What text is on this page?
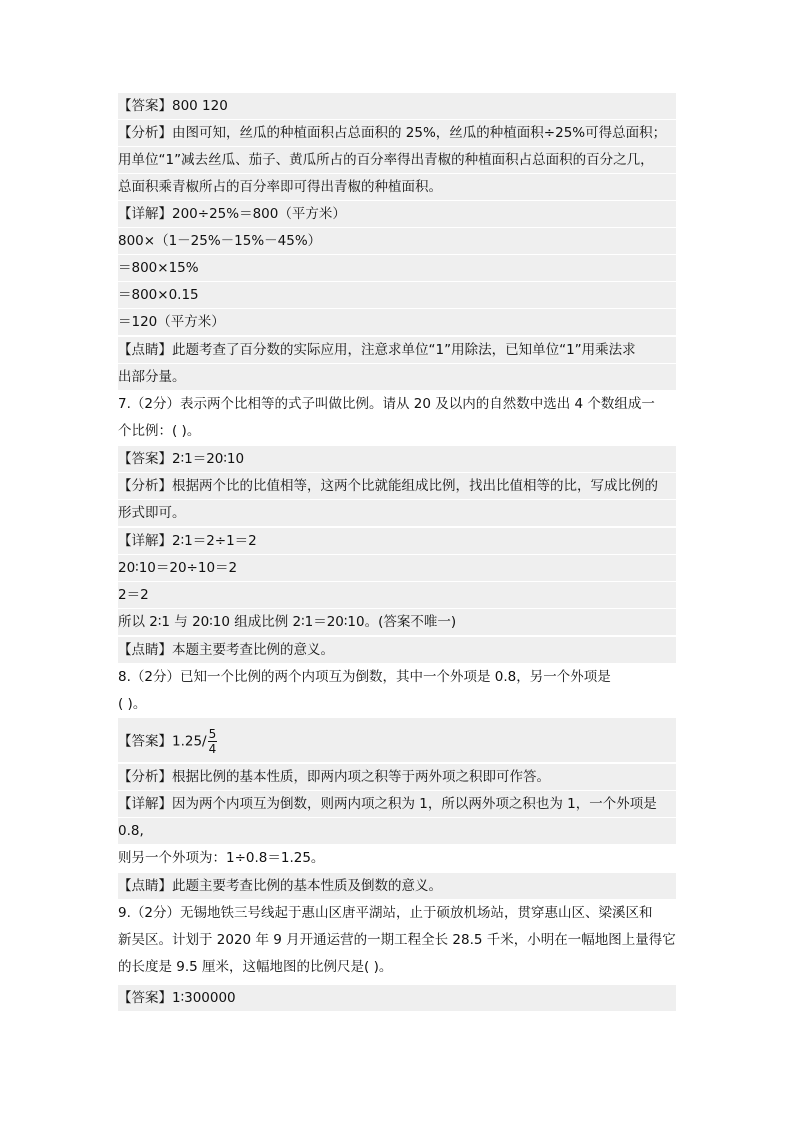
【答案】800 120
【分析】由图可知，丝瓜的种植面积占总面积的 25%，丝瓜的种植面积÷25%可得总面积；
用单位“1”减去丝瓜、茄子、黄瓜所占的百分率得出青椒的种植面积占总面积的百分之几，
总面积乘青椒所占的百分率即可得出青椒的种植面积。
【详解】200÷25%＝800（平方米）
800×（1－25%－15%－45%）
＝800×15%
＝800×0.15
＝120（平方米）
【点睛】此题考查了百分数的实际应用，注意求单位“1”用除法，已知单位“1”用乘法求
出部分量。
7.（2分）表示两个比相等的式子叫做比例。请从 20 及以内的自然数中选出 4 个数组成一
个比例：( )。
【答案】2∶1＝20∶10
【分析】根据两个比的比值相等，这两个比就能组成比例，找出比值相等的比，写成比例的
形式即可。
【详解】2∶1＝2÷1＝2
20∶10＝20÷10＝2
2＝2
所以 2∶1 与 20∶10 组成比例 2∶1＝20∶10。(答案不唯一)
【点睛】本题主要考查比例的意义。
8.（2分）已知一个比例的两个内项互为倒数，其中一个外项是 0.8，另一个外项是
( )。
【答案】$1.25/ \frac{5}{4}$
【分析】根据比例的基本性质，即两内项之积等于两外项之积即可作答。
【详解】因为两个内项互为倒数，则两内项之积为 1，所以两外项之积也为 1，一个外项是
0.8,
则另一个外项为：1÷0.8＝1.25。
【点睛】此题主要考查比例的基本性质及倒数的意义。
9.（2分）无锡地铁三号线起于惠山区唐平湖站，止于硕放机场站，贯穿惠山区、梁溪区和
新吴区。计划于 2020 年 9 月开通运营的一期工程全长 28.5 千米，小明在一幅地图上量得它
的长度是 9.5 厘米，这幅地图的比例尺是( )。
【答案】1∶300000
